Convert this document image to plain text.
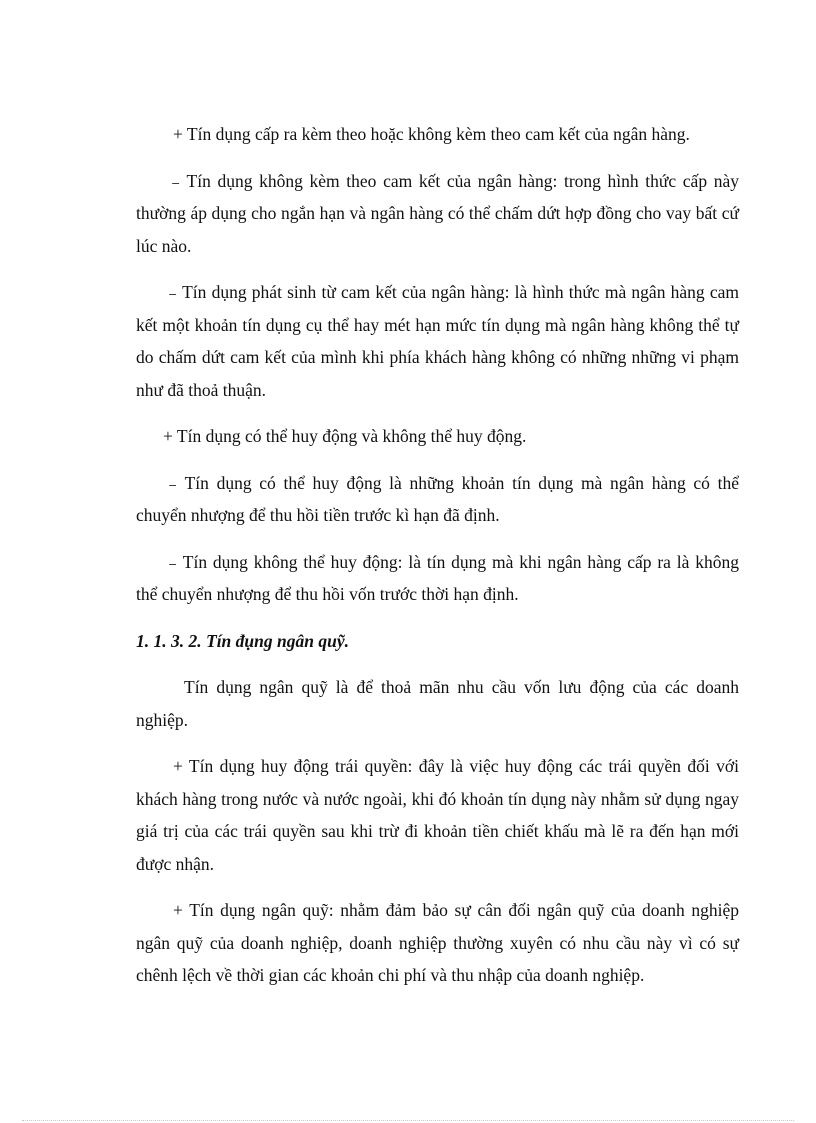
+ Tín dụng cấp ra kèm theo hoặc không kèm theo cam kết của ngân hàng.

₋ Tín dụng không kèm theo cam kết của ngân hàng: trong hình thức cấp này thường áp dụng cho ngắn hạn và ngân hàng có thể chấm dứt hợp đồng cho vay bất cứ lúc nào.

₋ Tín dụng phát sinh từ cam kết của ngân hàng: là hình thức mà ngân hàng cam kết một khoản tín dụng cụ thể hay mét hạn mức tín dụng mà ngân hàng không thể tự do chấm dứt cam kết của mình khi phía khách hàng không có những những vi phạm như đã thoả thuận.

+ Tín dụng có thể huy động và không thể huy động.

₋ Tín dụng có thể huy động là những khoản tín dụng mà ngân hàng có thể chuyển nhượng để thu hồi tiền trước kì hạn đã định.

₋ Tín dụng không thể huy động: là tín dụng mà khi ngân hàng cấp ra là không thể chuyển nhượng để thu hồi vốn trước thời hạn định.

1. 1. 3. 2. Tín đụng ngân quỹ.

Tín dụng ngân quỹ là để thoả mãn nhu cầu vốn lưu động của các doanh nghiệp.

+ Tín dụng huy động trái quyền: đây là việc huy động các trái quyền đối với khách hàng trong nước và nước ngoài, khi đó khoản tín dụng này nhằm sử dụng ngay giá trị của các trái quyền sau khi trừ đi khoản tiền chiết khấu mà lẽ ra đến hạn mới được nhận.

+ Tín dụng ngân quỹ: nhằm đảm bảo sự cân đối ngân quỹ của doanh nghiệp ngân quỹ của doanh nghiệp, doanh nghiệp thường xuyên có nhu cầu này vì có sự chênh lệch về thời gian các khoản chi phí và thu nhập của doanh nghiệp.
